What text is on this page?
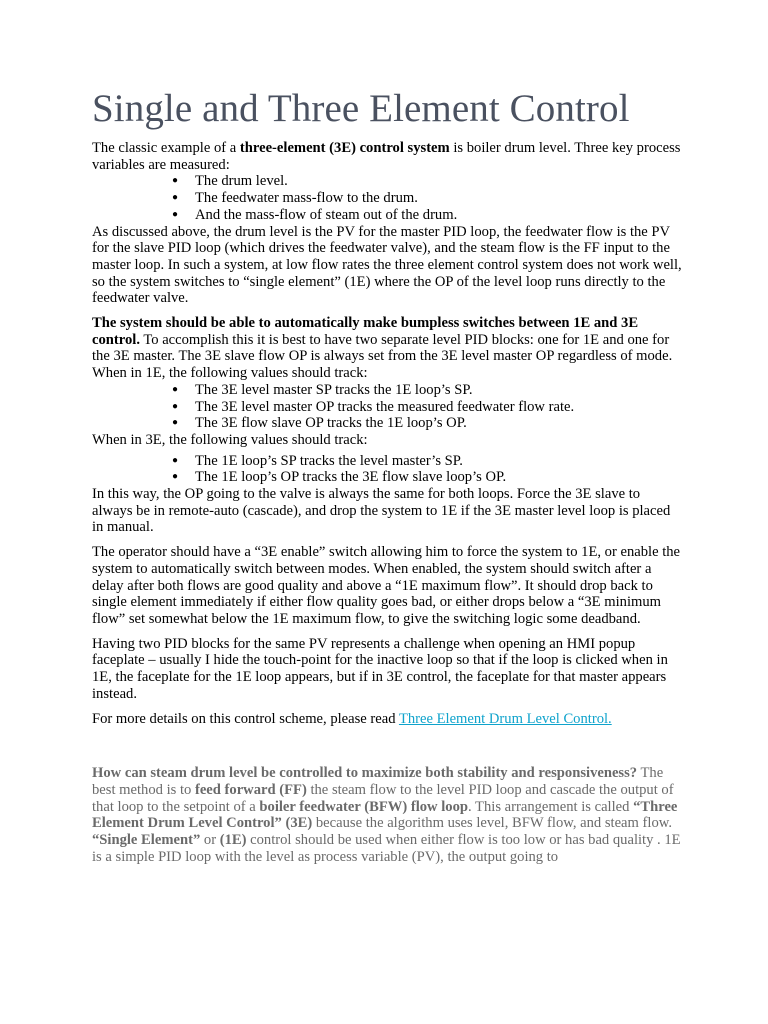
Single and Three Element Control

The classic example of a three-element (3E) control system is boiler drum level. Three key process variables are measured:

● The drum level.
● The feedwater mass-flow to the drum.
● And the mass-flow of steam out of the drum.

As discussed above, the drum level is the PV for the master PID loop, the feedwater flow is the PV for the slave PID loop (which drives the feedwater valve), and the steam flow is the FF input to the master loop. In such a system, at low flow rates the three element control system does not work well, so the system switches to “single element” (1E) where the OP of the level loop runs directly to the feedwater valve.

The system should be able to automatically make bumpless switches between 1E and 3E control. To accomplish this it is best to have two separate level PID blocks: one for 1E and one for the 3E master. The 3E slave flow OP is always set from the 3E level master OP regardless of mode. When in 1E, the following values should track:

● The 3E level master SP tracks the 1E loop’s SP.
● The 3E level master OP tracks the measured feedwater flow rate.
● The 3E flow slave OP tracks the 1E loop’s OP.

When in 3E, the following values should track:

● The 1E loop’s SP tracks the level master’s SP.
● The 1E loop’s OP tracks the 3E flow slave loop’s OP.

In this way, the OP going to the valve is always the same for both loops. Force the 3E slave to always be in remote-auto (cascade), and drop the system to 1E if the 3E master level loop is placed in manual.

The operator should have a “3E enable” switch allowing him to force the system to 1E, or enable the system to automatically switch between modes. When enabled, the system should switch after a delay after both flows are good quality and above a “1E maximum flow”. It should drop back to single element immediately if either flow quality goes bad, or either drops below a “3E minimum flow” set somewhat below the 1E maximum flow, to give the switching logic some deadband.

Having two PID blocks for the same PV represents a challenge when opening an HMI popup faceplate – usually I hide the touch-point for the inactive loop so that if the loop is clicked when in 1E, the faceplate for the 1E loop appears, but if in 3E control, the faceplate for that master appears instead.

For more details on this control scheme, please read Three Element Drum Level Control.

How can steam drum level be controlled to maximize both stability and responsiveness? The best method is to feed forward (FF) the steam flow to the level PID loop and cascade the output of that loop to the setpoint of a boiler feedwater (BFW) flow loop. This arrangement is called “Three Element Drum Level Control” (3E) because the algorithm uses level, BFW flow, and steam flow.

“Single Element” or (1E) control should be used when either flow is too low or has bad quality . 1E is a simple PID loop with the level as process variable (PV), the output going to
